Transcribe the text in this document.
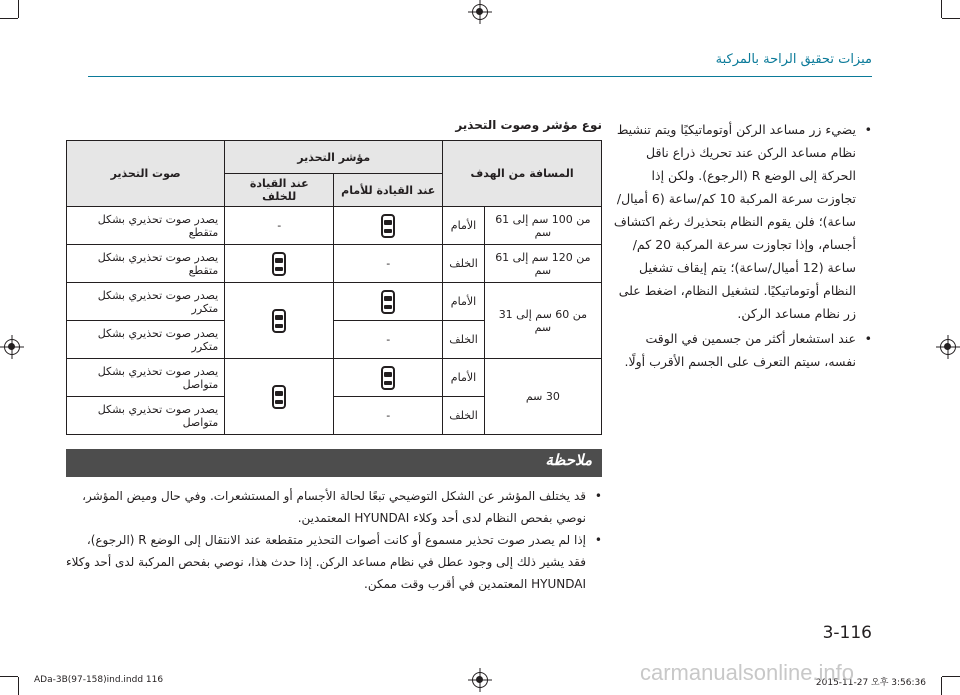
ميزات تحقيق الراحة بالمركبة
• يضيء زر مساعد الركن أوتوماتيكيًا ويتم تنشيط نظام مساعد الركن عند تحريك ذراع ناقل الحركة إلى الوضع R (الرجوع). ولكن إذا تجاوزت سرعة المركبة 10 كم/ساعة (6 أميال/ساعة)؛ فلن يقوم النظام بتحذيرك رغم اكتشاف أجسام، وإذا تجاوزت سرعة المركبة 20 كم/ساعة (12 أميال/ساعة)؛ يتم إيقاف تشغيل النظام أوتوماتيكيًا. لتشغيل النظام، اضغط على زر نظام مساعد الركن.
• عند استشعار أكثر من جسمين في الوقت نفسه، سيتم التعرف على الجسم الأقرب أولًا.
نوع مؤشر وصوت التحذير
المسافة من الهدف		مؤشر التحذير		صوت التحذير
		عند القيادة للأمام	عند القيادة للخلف	
من 100 سم إلى 61 سم	الأمام		-	يصدر صوت تحذيري بشكل متقطع
من 120 سم إلى 61 سم	الخلف	-		يصدر صوت تحذيري بشكل متقطع
من 60 سم إلى 31 سم	الأمام			يصدر صوت تحذيري بشكل متكرر
	الخلف	-		يصدر صوت تحذيري بشكل متكرر
30 سم	الأمام			يصدر صوت تحذيري بشكل متواصل
	الخلف	-		يصدر صوت تحذيري بشكل متواصل
ملاحظة
• قد يختلف المؤشر عن الشكل التوضيحي تبعًا لحالة الأجسام أو المستشعرات. وفي حال وميض المؤشر، نوصي بفحص النظام لدى أحد وكلاء HYUNDAI المعتمدين.
• إذا لم يصدر صوت تحذير مسموع أو كانت أصوات التحذير متقطعة عند الانتقال إلى الوضع R (الرجوع)، فقد يشير ذلك إلى وجود عطل في نظام مساعد الركن. إذا حدث هذا، نوصي بفحص المركبة لدى أحد وكلاء HYUNDAI المعتمدين في أقرب وقت ممكن.
3-116
ADa-3B(97-158)ind.indd 116	2015-11-27 오후 3:56:36
carmanualsonline.info
